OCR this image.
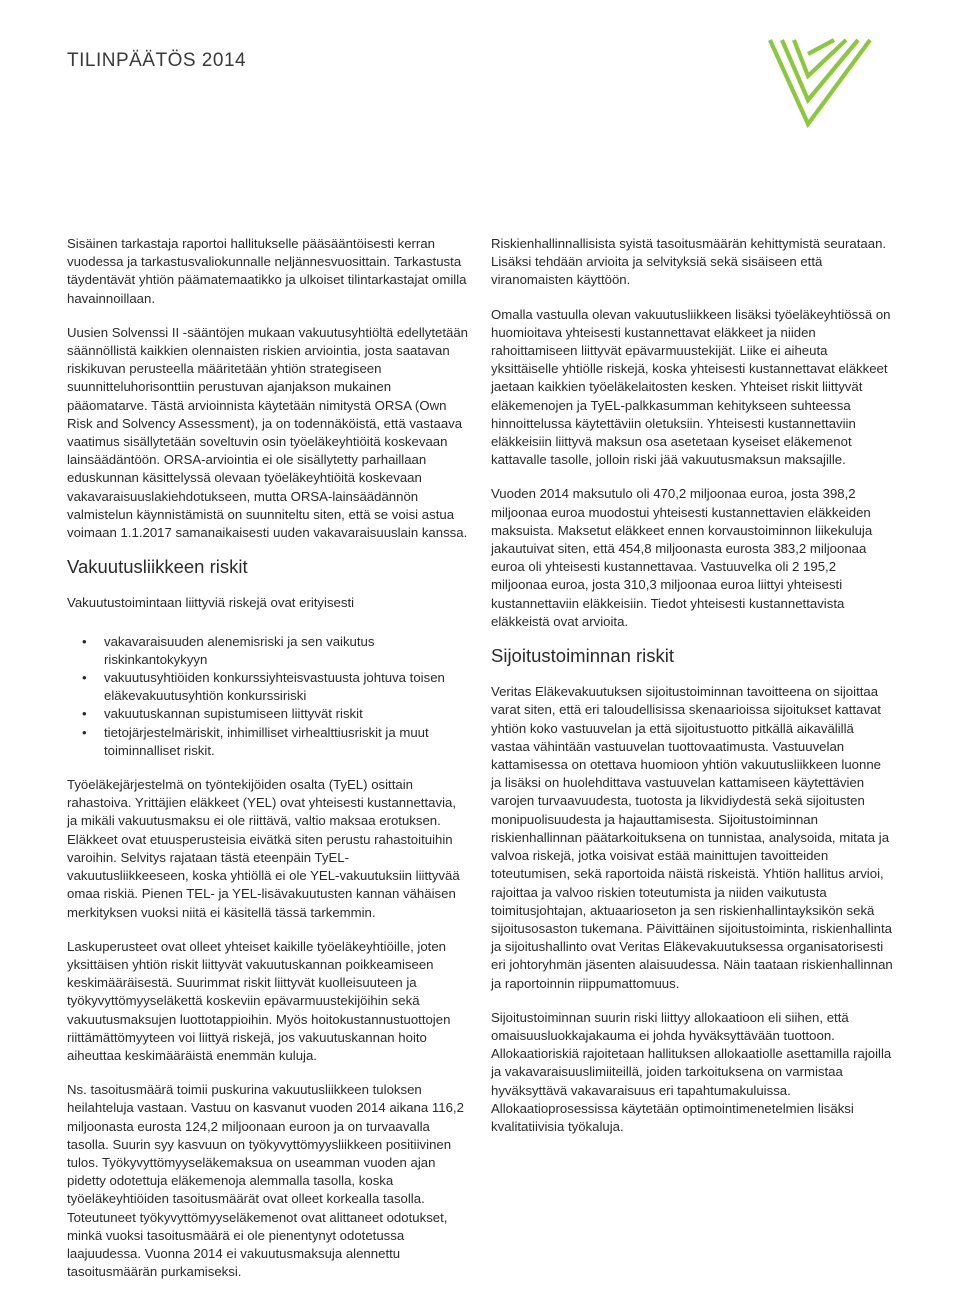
TILINPÄÄTÖS 2014

Sisäinen tarkastaja raportoi hallitukselle pääsääntöisesti kerran vuodessa ja tarkastusvaliokunnalle neljännesvuosittain. Tarkastusta täydentävät yhtiön päämatemaatikko ja ulkoiset tilintarkastajat omilla havainnoillaan.

Uusien Solvenssi II -sääntöjen mukaan vakuutusyhtiöltä edellytetään säännöllistä kaikkien olennaisten riskien arviointia, josta saatavan riskikuvan perusteella määritetään yhtiön strategiseen suunnitteluhorisonttiin perustuvan ajanjakson mukainen pääomatarve. Tästä arvioinnista käytetään nimitystä ORSA (Own Risk and Solvency Assessment), ja on todennäköistä, että vastaava vaatimus sisällytetään soveltuvin osin työeläkeyhtiöitä koskevaan lainsäädäntöön. ORSA-arviointia ei ole sisällytetty parhaillaan eduskunnan käsittelyssä olevaan työeläkeyhtiöitä koskevaan vakavaraisuuslakiehdotukseen, mutta ORSA-lainsäädännön valmistelun käynnistämistä on suunniteltu siten, että se voisi astua voimaan 1.1.2017 samanaikaisesti uuden vakavaraisuuslain kanssa.

Vakuutusliikkeen riskit

Vakuutustoimintaan liittyviä riskejä ovat erityisesti

• vakavaraisuuden alenemisriski ja sen vaikutus riskinkantokykyyn
• vakuutusyhtiöiden konkurssiyhteisvastuusta johtuva toisen eläkevakuutusyhtiön konkurssiriski
• vakuutuskannan supistumiseen liittyvät riskit
• tietojärjestelmäriskit, inhimilliset virhealttiusriskit ja muut toiminnalliset riskit.

Työeläkejärjestelmä on työntekijöiden osalta (TyEL) osittain rahastoiva. Yrittäjien eläkkeet (YEL) ovat yhteisesti kustannettavia, ja mikäli vakuutusmaksu ei ole riittävä, valtio maksaa erotuksen. Eläkkeet ovat etuusperusteisia eivätkä siten perustu rahastoituihin varoihin. Selvitys rajataan tästä eteenpäin TyEL-vakuutusliikkeeseen, koska yhtiöllä ei ole YEL-vakuutuksiin liittyvää omaa riskiä. Pienen TEL- ja YEL-lisävakuutusten kannan vähäisen merkityksen vuoksi niitä ei käsitellä tässä tarkemmin.

Laskuperusteet ovat olleet yhteiset kaikille työeläkeyhtiöille, joten yksittäisen yhtiön riskit liittyvät vakuutuskannan poikkeamiseen keskimääräisestä. Suurimmat riskit liittyvät kuolleisuuteen ja työkyvyttömyyseläkettä koskeviin epävarmuustekijöihin sekä vakuutusmaksujen luottotappioihin. Myös hoitokustannustuottojen riittämättömyyteen voi liittyä riskejä, jos vakuutuskannan hoito aiheuttaa keskimääräistä enemmän kuluja.

Ns. tasoitusmäärä toimii puskurina vakuutusliikkeen tuloksen heilahteluja vastaan. Vastuu on kasvanut vuoden 2014 aikana 116,2 miljoonasta eurosta 124,2 miljoonaan euroon ja on turvaavalla tasolla. Suurin syy kasvuun on työkyvyttömyysliikkeen positiivinen tulos. Työkyvyttömyyseläkemaksua on useamman vuoden ajan pidetty odotettuja eläkemenoja alemmalla tasolla, koska työeläkeyhtiöiden tasoitusmäärät ovat olleet korkealla tasolla. Toteutuneet työkyvyttömyyseläkemenot ovat alittaneet odotukset, minkä vuoksi tasoitusmäärä ei ole pienentynyt odotetussa laajuudessa. Vuonna 2014 ei vakuutusmaksuja alennettu tasoitusmäärän purkamiseksi.

Riskienhallinnallisista syistä tasoitusmäärän kehittymistä seurataan. Lisäksi tehdään arvioita ja selvityksiä sekä sisäiseen että viranomaisten käyttöön.

Omalla vastuulla olevan vakuutusliikkeen lisäksi työeläkeyhtiössä on huomioitava yhteisesti kustannettavat eläkkeet ja niiden rahoittamiseen liittyvät epävarmuustekijät. Liike ei aiheuta yksittäiselle yhtiölle riskejä, koska yhteisesti kustannettavat eläkkeet jaetaan kaikkien työeläkelaitosten kesken. Yhteiset riskit liittyvät eläkemenojen ja TyEL-palkkasumman kehitykseen suhteessa hinnoittelussa käytettäviin oletuksiin. Yhteisesti kustannettaviin eläkkeisiin liittyvä maksun osa asetetaan kyseiset eläkemenot kattavalle tasolle, jolloin riski jää vakuutusmaksun maksajille.

Vuoden 2014 maksutulo oli 470,2 miljoonaa euroa, josta 398,2 miljoonaa euroa muodostui yhteisesti kustannettavien eläkkeiden maksuista. Maksetut eläkkeet ennen korvaustoiminnon liikekuluja jakautuivat siten, että 454,8 miljoonasta eurosta 383,2 miljoonaa euroa oli yhteisesti kustannettavaa. Vastuuvelka oli 2 195,2 miljoonaa euroa, josta 310,3 miljoonaa euroa liittyi yhteisesti kustannettaviin eläkkeisiin. Tiedot yhteisesti kustannettavista eläkkeistä ovat arvioita.

Sijoitustoiminnan riskit

Veritas Eläkevakuutuksen sijoitustoiminnan tavoitteena on sijoittaa varat siten, että eri taloudellisissa skenaarioissa sijoitukset kattavat yhtiön koko vastuuvelan ja että sijoitustuotto pitkällä aikavälillä vastaa vähintään vastuuvelan tuottovaatimusta. Vastuuvelan kattamisessa on otettava huomioon yhtiön vakuutusliikkeen luonne ja lisäksi on huolehdittava vastuuvelan kattamiseen käytettävien varojen turvaavuudesta, tuotosta ja likvidiydestä sekä sijoitusten monipuolisuudesta ja hajauttamisesta. Sijoitustoiminnan riskienhallinnan päätarkoituksena on tunnistaa, analysoida, mitata ja valvoa riskejä, jotka voisivat estää mainittujen tavoitteiden toteutumisen, sekä raportoida näistä riskeistä. Yhtiön hallitus arvioi, rajoittaa ja valvoo riskien toteutumista ja niiden vaikutusta toimitusjohtajan, aktuaarioseton ja sen riskienhallintayksikön sekä sijoitusosaston tukemana. Päivittäinen sijoitustoiminta, riskienhallinta ja sijoitushallinto ovat Veritas Eläkevakuutuksessa organisatorisesti eri johtoryhmän jäsenten alaisuudessa. Näin taataan riskienhallinnan ja raportoinnin riippumattomuus.

Sijoitustoiminnan suurin riski liittyy allokaatioon eli siihen, että omaisuusluokkajakauma ei johda hyväksyttävään tuottoon. Allokaatioriskiä rajoitetaan hallituksen allokaatiolle asettamilla rajoilla ja vakavaraisuuslimiiteillä, joiden tarkoituksena on varmistaa hyväksyttävä vakavaraisuus eri tapahtumakuluissa. Allokaatioprosessissa käytetään optimointimenetelmien lisäksi kvalitatiivisia työkaluja.
